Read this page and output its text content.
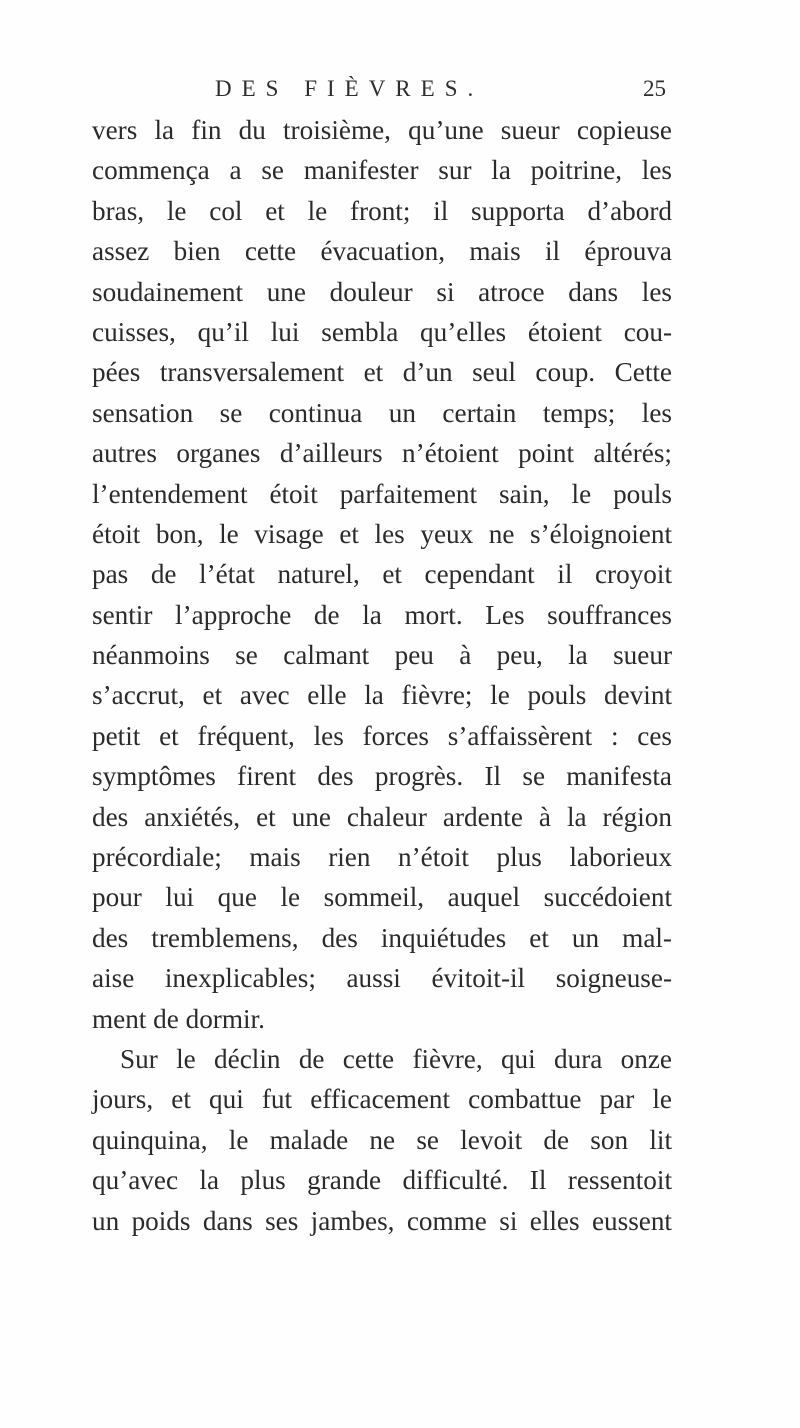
DES FIÈVRES.	25
vers la fin du troisième, qu’une sueur copieuse
commença a se manifester sur la poitrine, les
bras, le col et le front; il supporta d’abord
assez bien cette évacuation, mais il éprouva
soudainement une douleur si atroce dans les
cuisses, qu’il lui sembla qu’elles étoient cou-
pées transversalement et d’un seul coup. Cette
sensation se continua un certain temps; les
autres organes d’ailleurs n’étoient point altérés;
l’entendement étoit parfaitement sain, le pouls
étoit bon, le visage et les yeux ne s’éloignoient
pas de l’état naturel, et cependant il croyoit
sentir l’approche de la mort. Les souffrances
néanmoins se calmant peu à peu, la sueur
s’accrut, et avec elle la fièvre; le pouls devint
petit et fréquent, les forces s’affaissèrent : ces
symptômes firent des progrès. Il se manifesta
des anxiétés, et une chaleur ardente à la région
précordiale; mais rien n’étoit plus laborieux
pour lui que le sommeil, auquel succédoient
des tremblemens, des inquiétudes et un mal-
aise inexplicables; aussi évitoit-il soigneuse-
ment de dormir.
Sur le déclin de cette fièvre, qui dura onze
jours, et qui fut efficacement combattue par le
quinquina, le malade ne se levoit de son lit
qu’avec la plus grande difficulté. Il ressentoit
un poids dans ses jambes, comme si elles eussent
